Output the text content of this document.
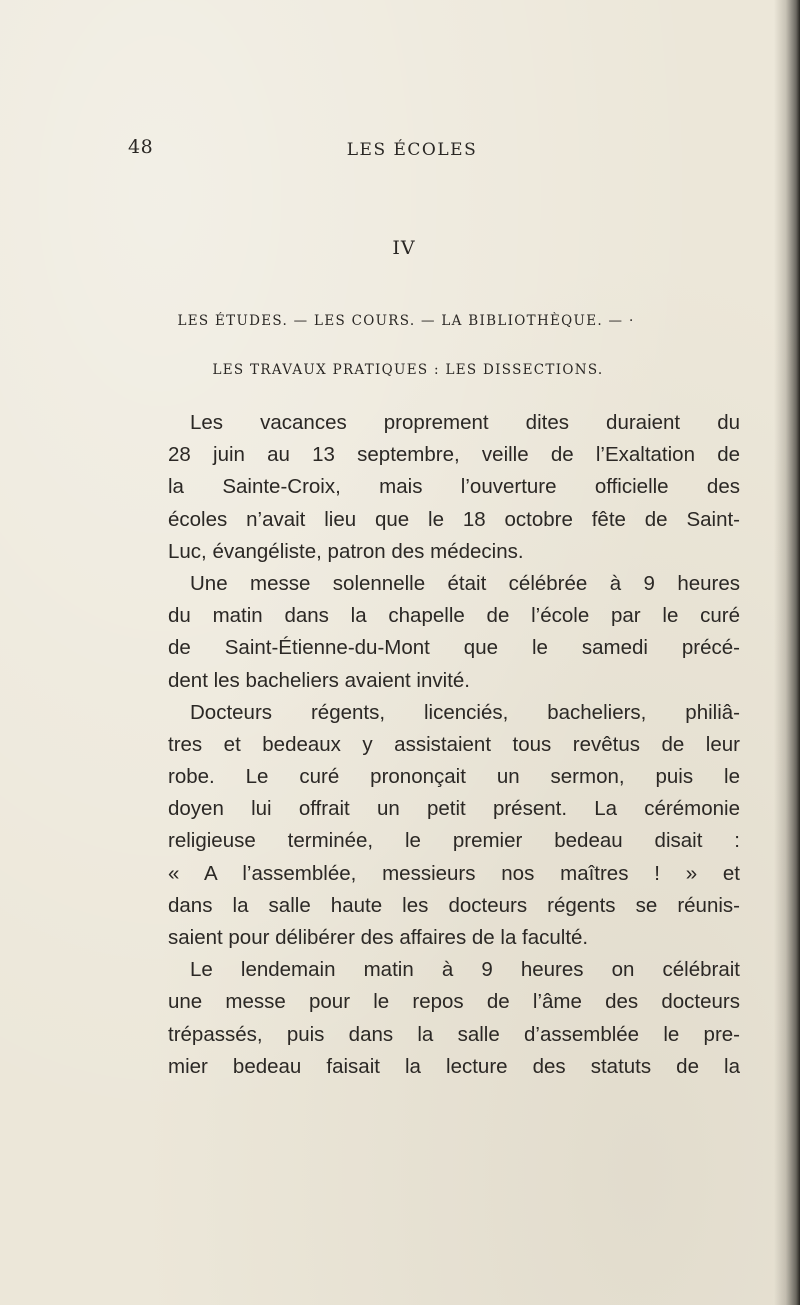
48	LES ÉCOLES
IV
LES ÉTUDES. — LES COURS. — LA BIBLIOTHÈQUE. — ·
LES TRAVAUX PRATIQUES : LES DISSECTIONS.
Les vacances proprement dites duraient du
28 juin au 13 septembre, veille de l’Exaltation de
la Sainte-Croix, mais l’ouverture officielle des
écoles n’avait lieu que le 18 octobre fête de Saint-
Luc, évangéliste, patron des médecins.
Une messe solennelle était célébrée à 9 heures
du matin dans la chapelle de l’école par le curé
de Saint-Étienne-du-Mont que le samedi précé-
dent les bacheliers avaient invité.
Docteurs régents, licenciés, bacheliers, philiâ-
tres et bedeaux y assistaient tous revêtus de leur
robe. Le curé prononçait un sermon, puis le
doyen lui offrait un petit présent. La cérémonie
religieuse terminée, le premier bedeau disait :
« A l’assemblée, messieurs nos maîtres ! » et
dans la salle haute les docteurs régents se réunis-
saient pour délibérer des affaires de la faculté.
Le lendemain matin à 9 heures on célébrait
une messe pour le repos de l’âme des docteurs
trépassés, puis dans la salle d’assemblée le pre-
mier bedeau faisait la lecture des statuts de la
